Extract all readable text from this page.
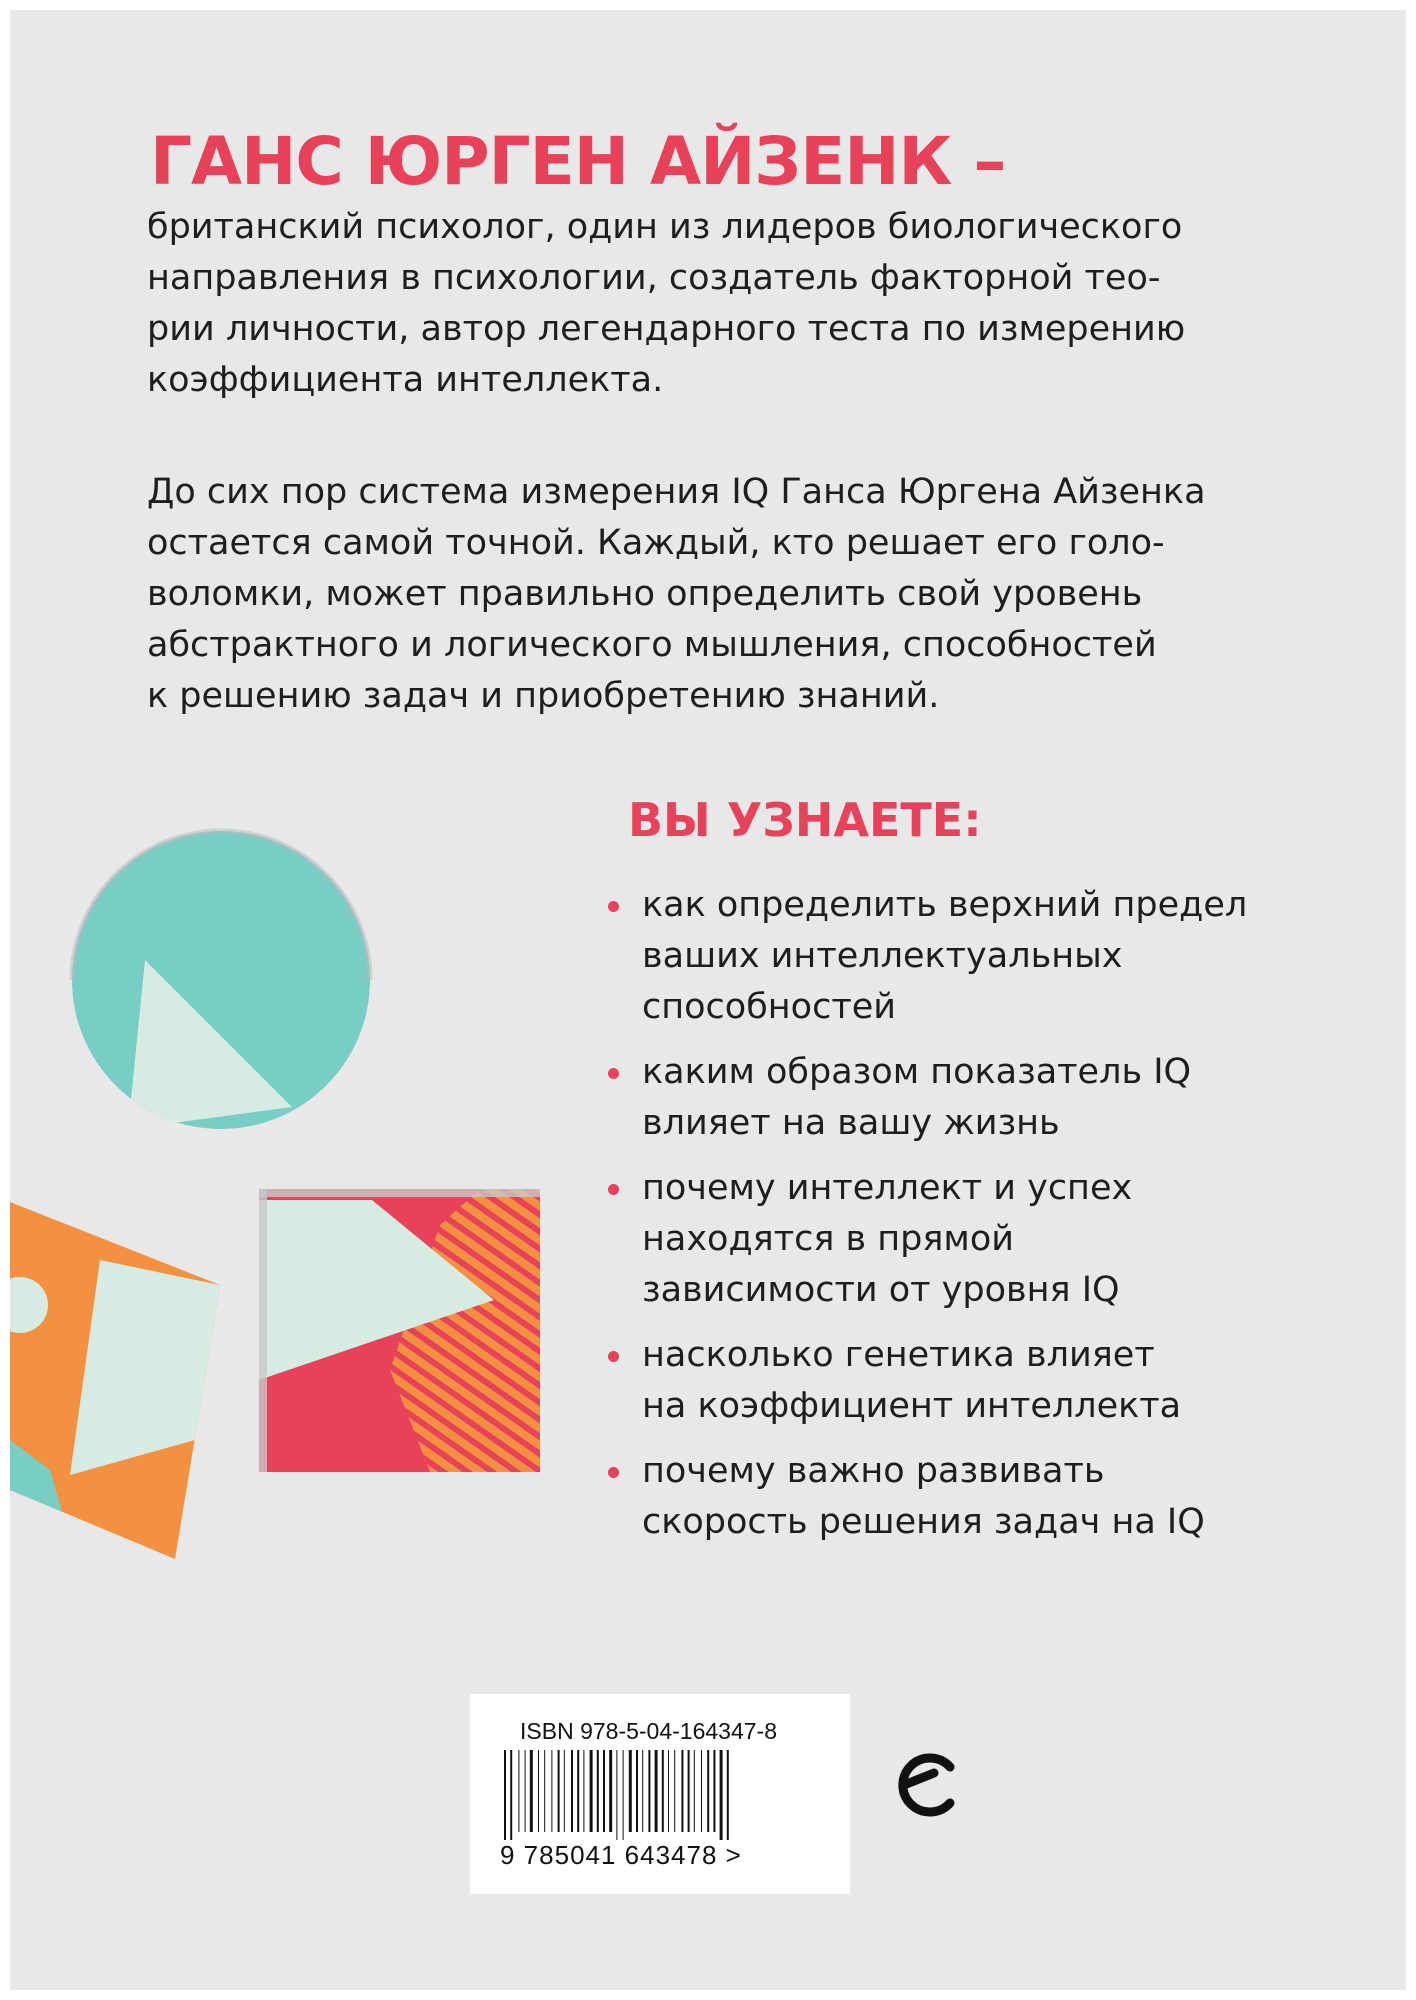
ГАНС ЮРГЕН АЙЗЕНК –

британский психолог, один из лидеров биологического
направления в психологии, создатель факторной тео-
рии личности, автор легендарного теста по измерению
коэффициента интеллекта.

До сих пор система измерения IQ Ганса Юргена Айзенка
остается самой точной. Каждый, кто решает его голо-
воломки, может правильно определить свой уровень
абстрактного и логического мышления, способностей
к решению задач и приобретению знаний.

ВЫ УЗНАЕТЕ:
как определить верхний предел
ваших интеллектуальных
способностей
каким образом показатель IQ
влияет на вашу жизнь
почему интеллект и успех
находятся в прямой
зависимости от уровня IQ
насколько генетика влияет
на коэффициент интеллекта
почему важно развивать
скорость решения задач на IQ
ISBN 978-5-04-164347-8
9 785041 643478 >
